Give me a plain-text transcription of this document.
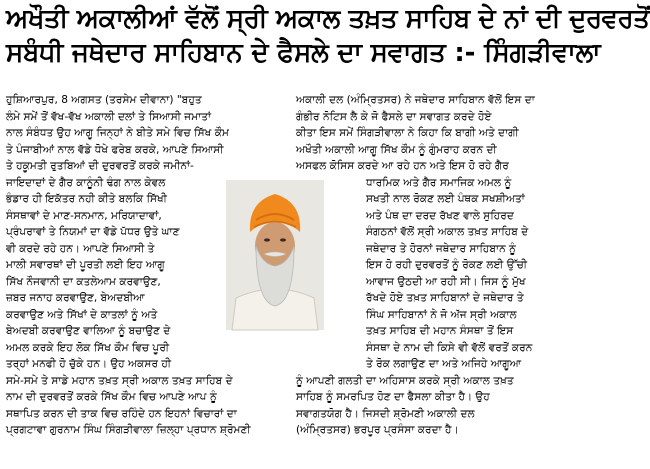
ਅਖੌਤੀ ਅਕਾਲੀਆਂ ਵੱਲੋਂ ਸ੍ਰੀ ਅਕਾਲ ਤਖ਼ਤ ਸਾਹਿਬ ਦੇ ਨਾਂ ਦੀ ਦੁਰਵਰਤੋਂ
ਸਬੰਧੀ ਜਥੇਦਾਰ ਸਾਹਿਬਾਨ ਦੇ ਫੈਸਲੇ ਦਾ ਸਵਾਗਤ :- ਸਿੰਗੜੀਵਾਲਾ
ਹੁਸ਼ਿਆਰਪੁਰ, 8 ਅਗਸਤ (ਤਰਸੇਮ ਦੀਵਾਨਾ) "ਬਹੁਤ
ਲੰਮੇ ਸਮੇਂ ਤੋਂ ਵੱਖ-ਵੱਖ ਅਕਾਲੀ ਦਲਾਂ ਤੇ ਸਿਆਸੀ ਜਮਾਤਾਂ
ਨਾਲ ਸੰਬੰਧਤ ਉਹ ਆਗੂ ਜਿਨ੍ਹਾਂ ਨੇ ਬੀਤੇ ਸਮੇ ਵਿਚ ਸਿੱਖ ਕੌਮ
ਤੇ ਪੰਜਾਬੀਆਂ ਨਾਲ ਵੱਡੇ ਧੋਖੇ ਫਰੇਬ ਕਰਕੇ, ਆਪਣੇ ਸਿਆਸੀ
ਤੇ ਹਕੂਮਤੀ ਰੁਤਬਿਆਂ ਦੀ ਦੁਰਵਰਤੋਂ ਕਰਕੇ ਜਮੀਨਾਂ-
ਜਾਇਦਾਦਾਂ ਦੇ ਗੈਰ ਕਾਨੂੰਨੀ ਢੰਗ ਨਾਲ ਕੇਵਲ
ਭੰਡਾਰ ਹੀ ਇਕੱਤਰ ਨਹੀ ਕੀਤੇ ਬਲਕਿ ਸਿੱਖੀ
ਸੰਸਥਾਵਾਂ ਦੇ ਮਾਣ-ਸਨਮਾਨ, ਮਰਿਯਾਦਾਵਾਂ,
ਪ੍ਰੰਪਰਾਵਾਂ ਤੇ ਨਿਯਮਾਂ ਦਾ ਵੱਡੇ ਪੱਧਰ ਉਤੇ ਘਾਣ
ਵੀ ਕਰਦੇ ਰਹੇ ਹਨ। ਆਪਣੇ ਸਿਆਸੀ ਤੇ
ਮਾਲੀ ਸਵਾਰਥਾਂ ਦੀ ਪੂਰਤੀ ਲਈ ਇਹ ਆਗੂ
ਸਿੱਖ ਨੌਜਵਾਨੀ ਦਾ ਕਤਲੇਆਮ ਕਰਵਾਉਣ,
ਜ਼ਬਰ ਜਨਾਹ ਕਰਵਾਉਣ, ਬੇਅਦਬੀਆ
ਕਰਵਾਉਣ ਅਤੇ ਸਿੱਖਾਂ ਦੇ ਕਾਤਲਾਂ ਨੂੰ ਅਤੇ
ਬੇਅਦਬੀ ਕਰਵਾਉਣ ਵਾਲਿਆ ਨੂੰ ਬਚਾਉਣ ਦੇ
ਅਮਲ ਕਰਕੇ ਇਹ ਲੋਕ ਸਿੱਖ ਕੌਮ ਵਿਚ ਪੂਰੀ
ਤਰ੍ਹਾਂ ਮਨਫੀ ਹੋ ਚੁੱਕੇ ਹਨ। ਉਹ ਅਕਸਰ ਹੀ
ਸਮੇ-ਸਮੇ ਤੇ ਸਾਡੇ ਮਹਾਨ ਤਖ਼ਤ ਸ੍ਰੀ ਅਕਾਲ ਤਖ਼ਤ ਸਾਹਿਬ ਦੇ
ਨਾਮ ਦੀ ਦੁਰਵਰਤੋਂ ਕਰਕੇ ਸਿੱਖ ਕੌਮ ਵਿਚ ਆਪਣੇ ਆਪ ਨੂੰ
ਸਥਾਪਿਤ ਕਰਨ ਦੀ ਤਾਕ ਵਿਚ ਰਹਿੰਦੇ ਹਨ ਇਹਨਾਂ ਵਿਚਾਰਾਂ ਦਾ
ਪ੍ਰਗਟਾਵਾ ਗੁਰਨਾਮ ਸਿੰਘ ਸਿੰਗੜੀਵਾਲਾ ਜ਼ਿਲ੍ਹਾ ਪ੍ਰਧਾਨ ਸ਼੍ਰੋਮਣੀ
ਅਕਾਲੀ ਦਲ (ਅੰਮ੍ਰਿਤਸਰ) ਨੇ ਜਥੇਦਾਰ ਸਾਹਿਬਾਨ ਵੱਲੋਂ ਇਸ ਦਾ
ਗੰਭੀਰ ਨੋਟਿਸ ਲੈ ਕੇ ਜੋ ਫੈਸਲੇ ਦਾ ਸਵਾਗਤ ਕਰਦੇ ਹੋਏ
ਕੀਤਾ ਇਸ ਸਮੇਂ ਸਿੰਗੜੀਵਾਲਾ ਨੇ ਕਿਹਾ ਕਿ ਬਾਗੀ ਅਤੇ ਦਾਗੀ
ਅਖੌਤੀ ਅਕਾਲੀ ਆਗੂ ਸਿੱਖ ਕੌਮ ਨੂੰ ਗੁੰਮਰਾਹ ਕਰਨ ਦੀ
ਅਸਫਲ ਕੋਸਿਸ ਕਰਦੇ ਆ ਰਹੇ ਹਨ ਅਤੇ ਇਸ ਹੋ ਰਹੇ ਗੈਰ
ਧਾਰਮਿਕ ਅਤੇ ਗੈਰ ਸਮਾਜਿਕ ਅਮਲ ਨੂੰ
ਸਖਤੀ ਨਾਲ ਰੋਕਣ ਲਈ ਪੰਥਕ ਸਖਸ਼ੀਅਤਾਂ
ਅਤੇ ਪੰਥ ਦਾ ਦਰਦ ਰੱਖਣ ਵਾਲੇ ਸੁਹਿਰਦ
ਸੰਗਠਨਾਂ ਵੱਲੋਂ ਸ੍ਰੀ ਅਕਾਲ ਤਖ਼ਤ ਸਾਹਿਬ ਦੇ
ਜਥੇਦਾਰ ਤੇ ਹੋਰਨਾਂ ਜਥੇਦਾਰ ਸਾਹਿਬਾਨ ਨੂੰ
ਇਸ ਹੋ ਰਹੀ ਦੁਰਵਰਤੋਂ ਨੂੰ ਰੋਕਣ ਲਈ ਉੱਚੀ
ਆਵਾਜ ਉਠਦੀ ਆ ਰਹੀ ਸੀ। ਜਿਸ ਨੂੰ ਮੁੱਖ
ਰੱਖਦੇ ਹੋਏ ਤਖ਼ਤ ਸਾਹਿਬਾਨਾਂ ਦੇ ਜਥੇਦਾਰ ਤੇ
ਸਿੰਘ ਸਾਹਿਬਾਨਾਂ ਨੇ ਜੋ ਅੱਜ ਸ੍ਰੀ ਅਕਾਲ
ਤਖ਼ਤ ਸਾਹਿਬ ਦੀ ਮਹਾਨ ਸੰਸਥਾ ਤੋਂ ਇਸ
ਸੰਸਥਾ ਦੇ ਨਾਮ ਦੀ ਕਿਸੇ ਵੀ ਵੱਲੋਂ ਵਰਤੋਂ ਕਰਨ
ਤੇ ਰੋਕ ਲਗਾਉਣ ਦਾ ਅਤੇ ਅਜਿਹੇ ਆਗੂਆ
ਨੂੰ ਆਪਣੀ ਗਲਤੀ ਦਾ ਅਹਿਸਾਸ ਕਰਕੇ ਸ੍ਰੀ ਅਕਾਲ ਤਖ਼ਤ
ਸਾਹਿਬ ਨੂੰ ਸਮਰਪਿਤ ਹੋਣ ਦਾ ਫੈਸਲਾ ਕੀਤਾ ਹੈ। ਉਹ
ਸਵਾਗਤਯੋਗ ਹੈ। ਜਿਸਦੀ ਸ਼੍ਰੋਮਣੀ ਅਕਾਲੀ ਦਲ
(ਅੰਮ੍ਰਿਤਸਰ) ਭਰਪੂਰ ਪ੍ਰਸੰਸਾ ਕਰਦਾ ਹੈ।
